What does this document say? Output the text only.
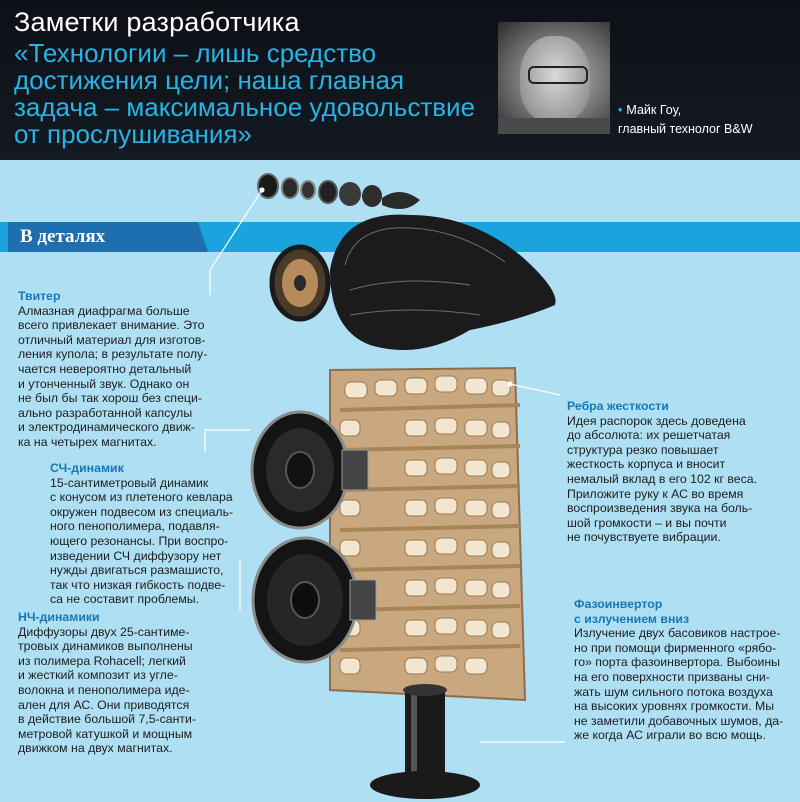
Заметки разработчика
«Технологии – лишь средство достижения цели; наша главная задача – максимальное удовольствие от прослушивания»
• Майк Гоу,
главный технолог B&W
В деталях
Твитер
Алмазная диафрагма больше
всего привлекает внимание. Это
отличный материал для изготов-
ления купола; в результате полу-
чается невероятно детальный
и утонченный звук. Однако он
не был бы так хорош без специ-
ально разработанной капсулы
и электродинамического движ-
ка на четырех магнитах.
СЧ-динамик
15-сантиметровый динамик
с конусом из плетеного кевлара
окружен подвесом из специаль-
ного пенополимера, подавля-
ющего резонансы. При воспро-
изведении СЧ диффузору нет
нужды двигаться размашисто,
так что низкая гибкость подве-
са не составит проблемы.
НЧ-динамики
Диффузоры двух 25-сантиме-
тровых динамиков выполнены
из полимера Rohacell; легкий
и жесткий композит из угле-
волокна и пенополимера иде-
ален для АС. Они приводятся
в действие большой 7,5-санти-
метровой катушкой и мощным
движком на двух магнитах.
Ребра жесткости
Идея распорок здесь доведена
до абсолюта: их решетчатая
структура резко повышает
жесткость корпуса и вносит
немалый вклад в его 102 кг веса.
Приложите руку к АС во время
воспроизведения звука на боль-
шой громкости – и вы почти
не почувствуете вибрации.
Фазоинвертор
с излучением вниз
Излучение двух басовиков настрое-
но при помощи фирменного «рябо-
го» порта фазоинвертора. Выбоины
на его поверхности призваны сни-
жать шум сильного потока воздуха
на высоких уровнях громкости. Мы
не заметили добавочных шумов, да-
же когда АС играли во всю мощь.
